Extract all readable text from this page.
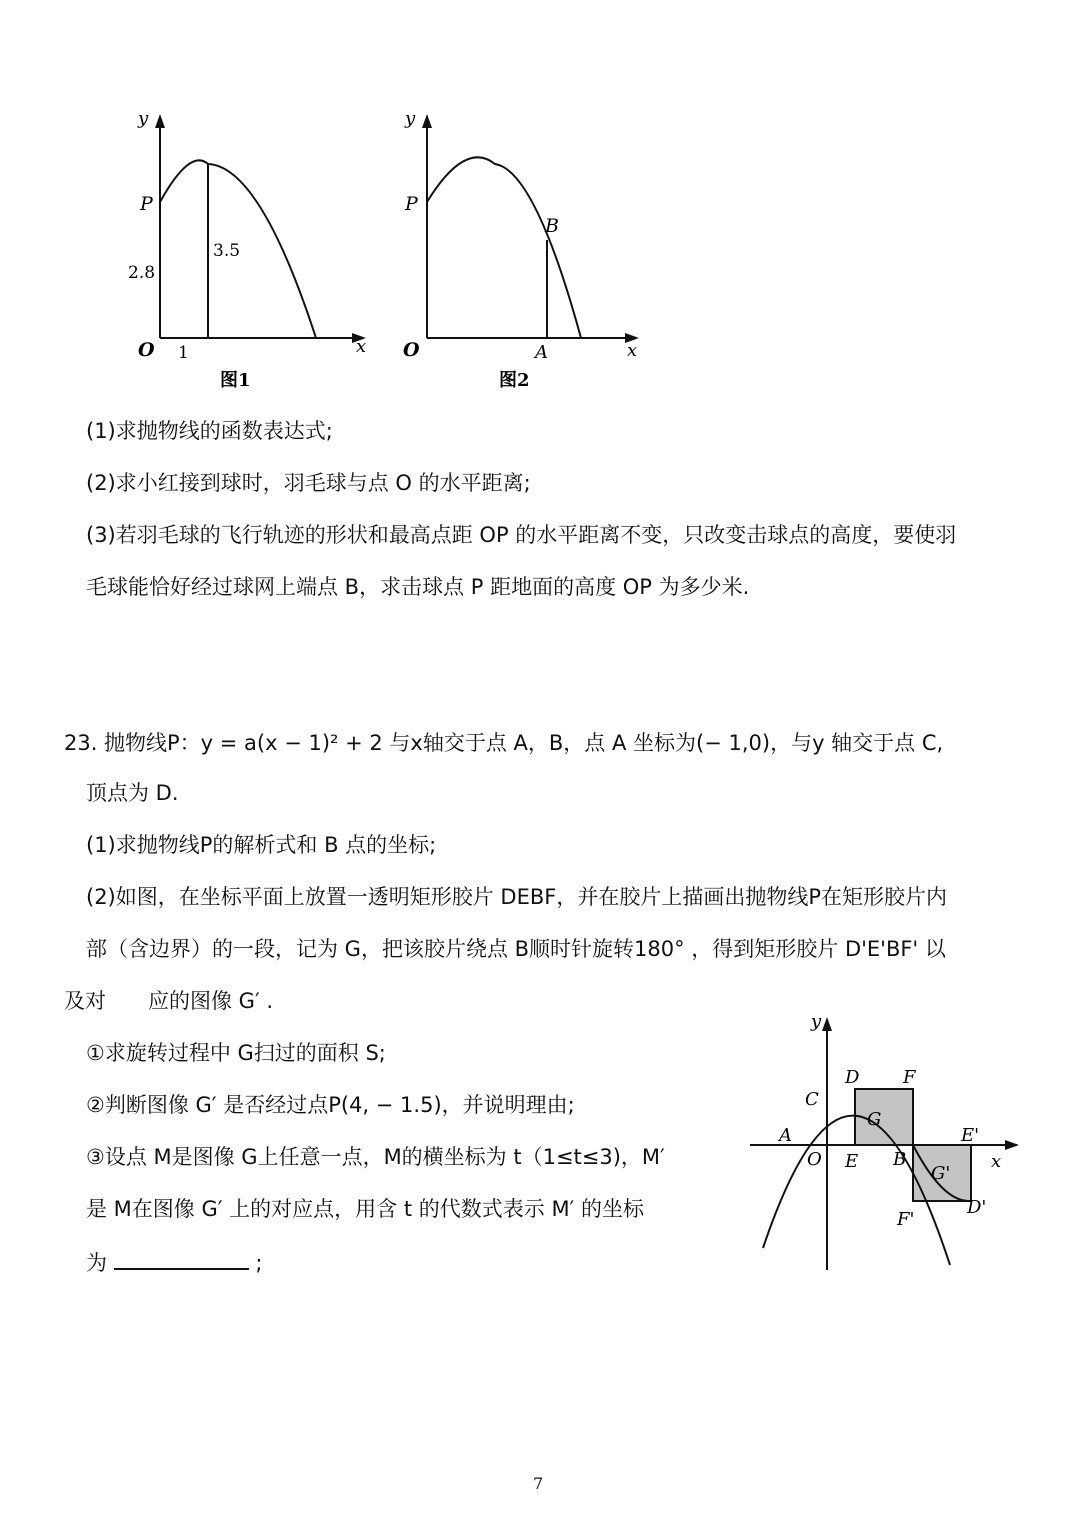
y
x
O
P
2.8
3.5
1
图1
y
x
O
P
B
A
图2
(1)求抛物线的函数表达式;
(2)求小红接到球时，羽毛球与点 O 的水平距离;
(3)若羽毛球的飞行轨迹的形状和最高点距 OP 的水平距离不变，只改变击球点的高度，要使羽
毛球能恰好经过球网上端点 B，求击球点 P 距地面的高度 OP 为多少米.
23. 抛物线P：y = a(x − 1)² + 2 与x轴交于点 A，B，点 A 坐标为(− 1,0)，与y 轴交于点 C,
顶点为 D.
(1)求抛物线P的解析式和 B 点的坐标;
(2)如图，在坐标平面上放置一透明矩形胶片 DEBF，并在胶片上描画出抛物线P在矩形胶片内
部（含边界）的一段，记为 G，把该胶片绕点 B顺时针旋转180° ，得到矩形胶片 D'E'BF' 以
及对　　应的图像 G′ .
①求旋转过程中 G扫过的面积 S;
②判断图像 G′ 是否经过点P(4, − 1.5)，并说明理由;
③设点 M是图像 G上任意一点，M的横坐标为 t（1≤t≤3)，M′
是 M在图像 G′ 上的对应点，用含 t 的代数式表示 M′ 的坐标
为	;
y
x
O
A
C
D F
G
E'
E B
G'
D'
F'
7
